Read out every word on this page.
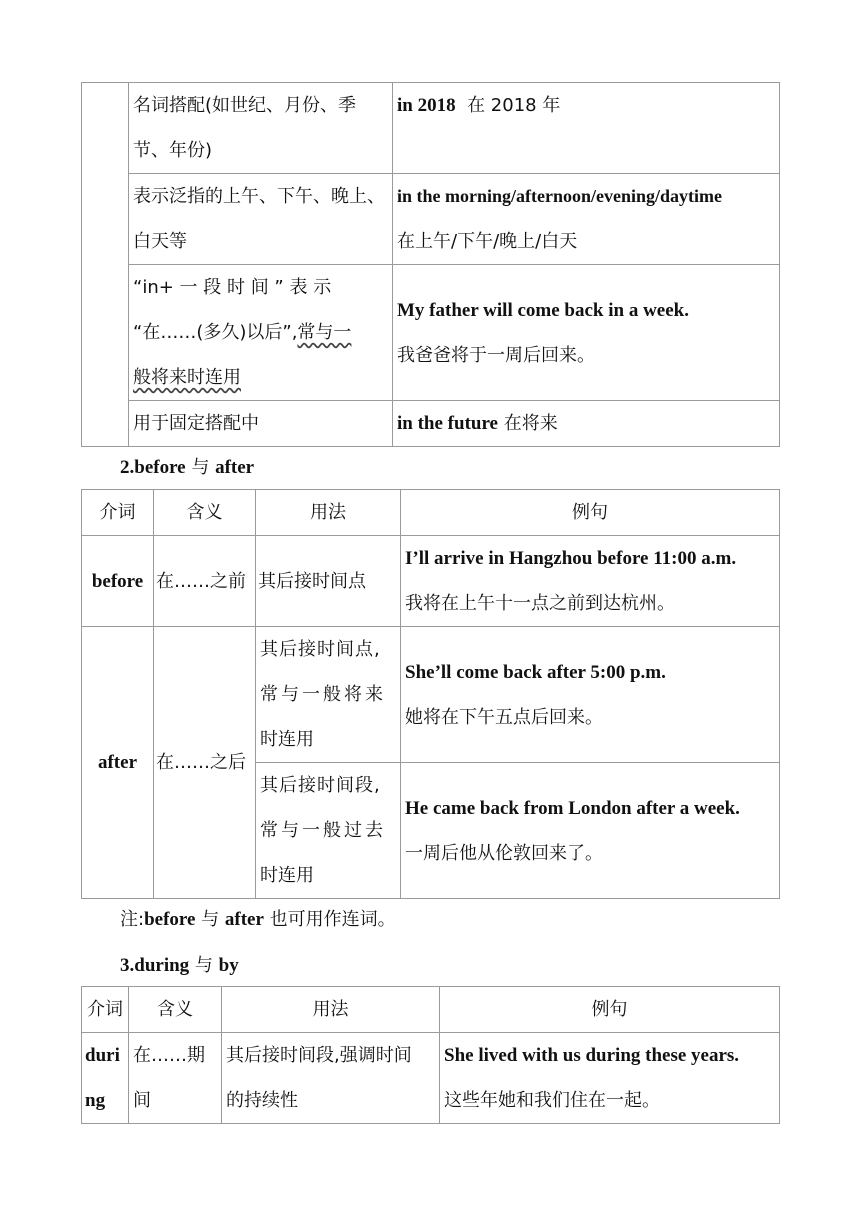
	名词搭配(如世纪、月份、季
节、年份)	in 2018 在 2018 年

	表示泛指的上午、下午、晚上、
白天等	in the morning/afternoon/evening/daytime
在上午/下午/晚上/白天

	“in+ 一 段 时 间 ” 表 示
“在……(多久)以后”,常与一
般将来时连用	My father will come back in a week.
我爸爸将于一周后回来。

	用于固定搭配中	in the future 在将来
2.before 与 after
介词	含义	用法	例句
before	在……之前	其后接时间点	I’ll arrive in Hangzhou before 11:00 a.m.
我将在上午十一点之前到达杭州。

after	在……之后	其后接时间点,
常与一般将来
时连用	She’ll come back after 5:00 p.m.
她将在下午五点后回来。

		其后接时间段,
常与一般过去
时连用	He came back from London after a week.
一周后他从伦敦回来了。
注:before 与 after 也可用作连词。
3.during 与 by
介词	含义	用法	例句

duri
ng	在……期
间	其后接时间段,强调时间
的持续性	She lived with us during these years.
这些年她和我们住在一起。
